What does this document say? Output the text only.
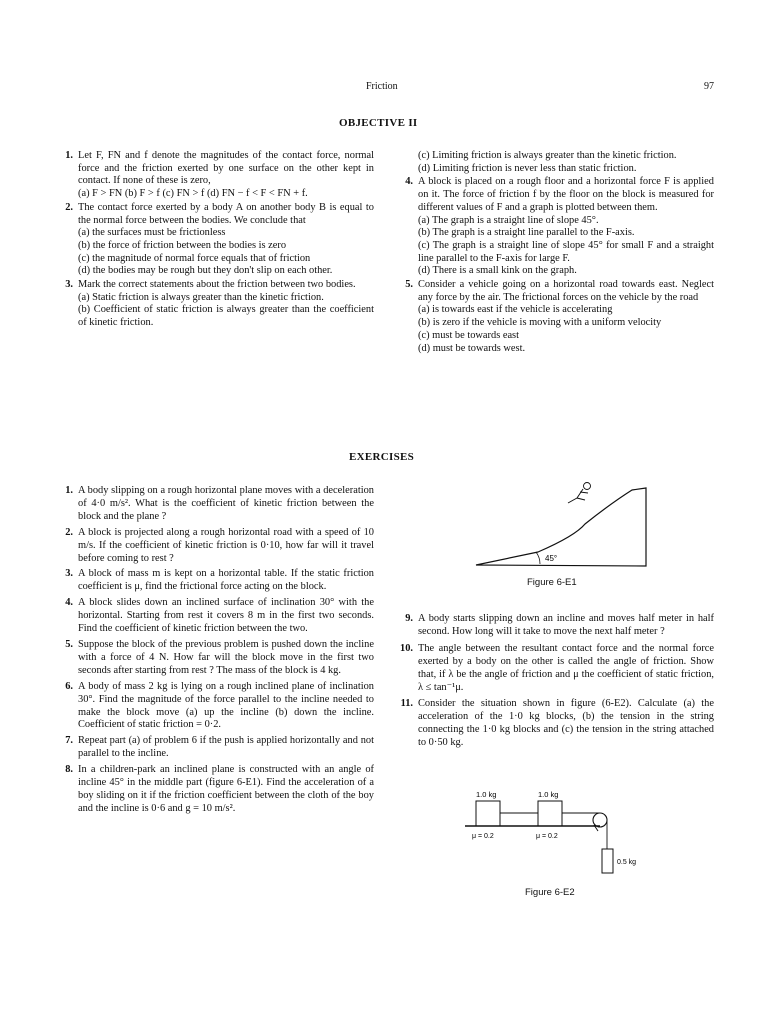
Friction	97
OBJECTIVE II
1. Let F, FN and f denote the magnitudes of the contact force, normal force and the friction exerted by one surface on the other kept in contact. If none of these is zero,
(a) F > FN (b) F > f (c) FN > f (d) FN − f < F < FN + f.
2. The contact force exerted by a body A on another body B is equal to the normal force between the bodies. We conclude that
(a) the surfaces must be frictionless
(b) the force of friction between the bodies is zero
(c) the magnitude of normal force equals that of friction
(d) the bodies may be rough but they don't slip on each other.
3. Mark the correct statements about the friction between two bodies.
(a) Static friction is always greater than the kinetic friction.
(b) Coefficient of static friction is always greater than the coefficient of kinetic friction.
(c) Limiting friction is always greater than the kinetic friction.
(d) Limiting friction is never less than static friction.
4. A block is placed on a rough floor and a horizontal force F is applied on it. The force of friction f by the floor on the block is measured for different values of F and a graph is plotted between them.
(a) The graph is a straight line of slope 45°.
(b) The graph is a straight line parallel to the F-axis.
(c) The graph is a straight line of slope 45° for small F and a straight line parallel to the F-axis for large F.
(d) There is a small kink on the graph.
5. Consider a vehicle going on a horizontal road towards east. Neglect any force by the air. The frictional forces on the vehicle by the road
(a) is towards east if the vehicle is accelerating
(b) is zero if the vehicle is moving with a uniform velocity
(c) must be towards east
(d) must be towards west.
EXERCISES
1. A body slipping on a rough horizontal plane moves with a deceleration of 4·0 m/s². What is the coefficient of kinetic friction between the block and the plane ?
2. A block is projected along a rough horizontal road with a speed of 10 m/s. If the coefficient of kinetic friction is 0·10, how far will it travel before coming to rest ?
3. A block of mass m is kept on a horizontal table. If the static friction coefficient is μ, find the frictional force acting on the block.
4. A block slides down an inclined surface of inclination 30° with the horizontal. Starting from rest it covers 8 m in the first two seconds. Find the coefficient of kinetic friction between the two.
5. Suppose the block of the previous problem is pushed down the incline with a force of 4 N. How far will the block move in the first two seconds after starting from rest ? The mass of the block is 4 kg.
6. A body of mass 2 kg is lying on a rough inclined plane of inclination 30°. Find the magnitude of the force parallel to the incline needed to make the block move (a) up the incline (b) down the incline. Coefficient of static friction = 0·2.
7. Repeat part (a) of problem 6 if the push is applied horizontally and not parallel to the incline.
8. In a children-park an inclined plane is constructed with an angle of incline 45° in the middle part (figure 6-E1). Find the acceleration of a boy sliding on it if the friction coefficient between the cloth of the boy and the incline is 0·6 and g = 10 m/s².
45°
Figure 6-E1
9. A body starts slipping down an incline and moves half meter in half second. How long will it take to move the next half meter ?
10. The angle between the resultant contact force and the normal force exerted by a body on the other is called the angle of friction. Show that, if λ be the angle of friction and μ the coefficient of static friction, λ ≤ tan⁻¹μ.
11. Consider the situation shown in figure (6-E2). Calculate (a) the acceleration of the 1·0 kg blocks, (b) the tension in the string connecting the 1·0 kg blocks and (c) the tension in the string attached to 0·50 kg.
1.0 kg	1.0 kg
μ = 0.2	μ = 0.2
0.5 kg
Figure 6-E2
